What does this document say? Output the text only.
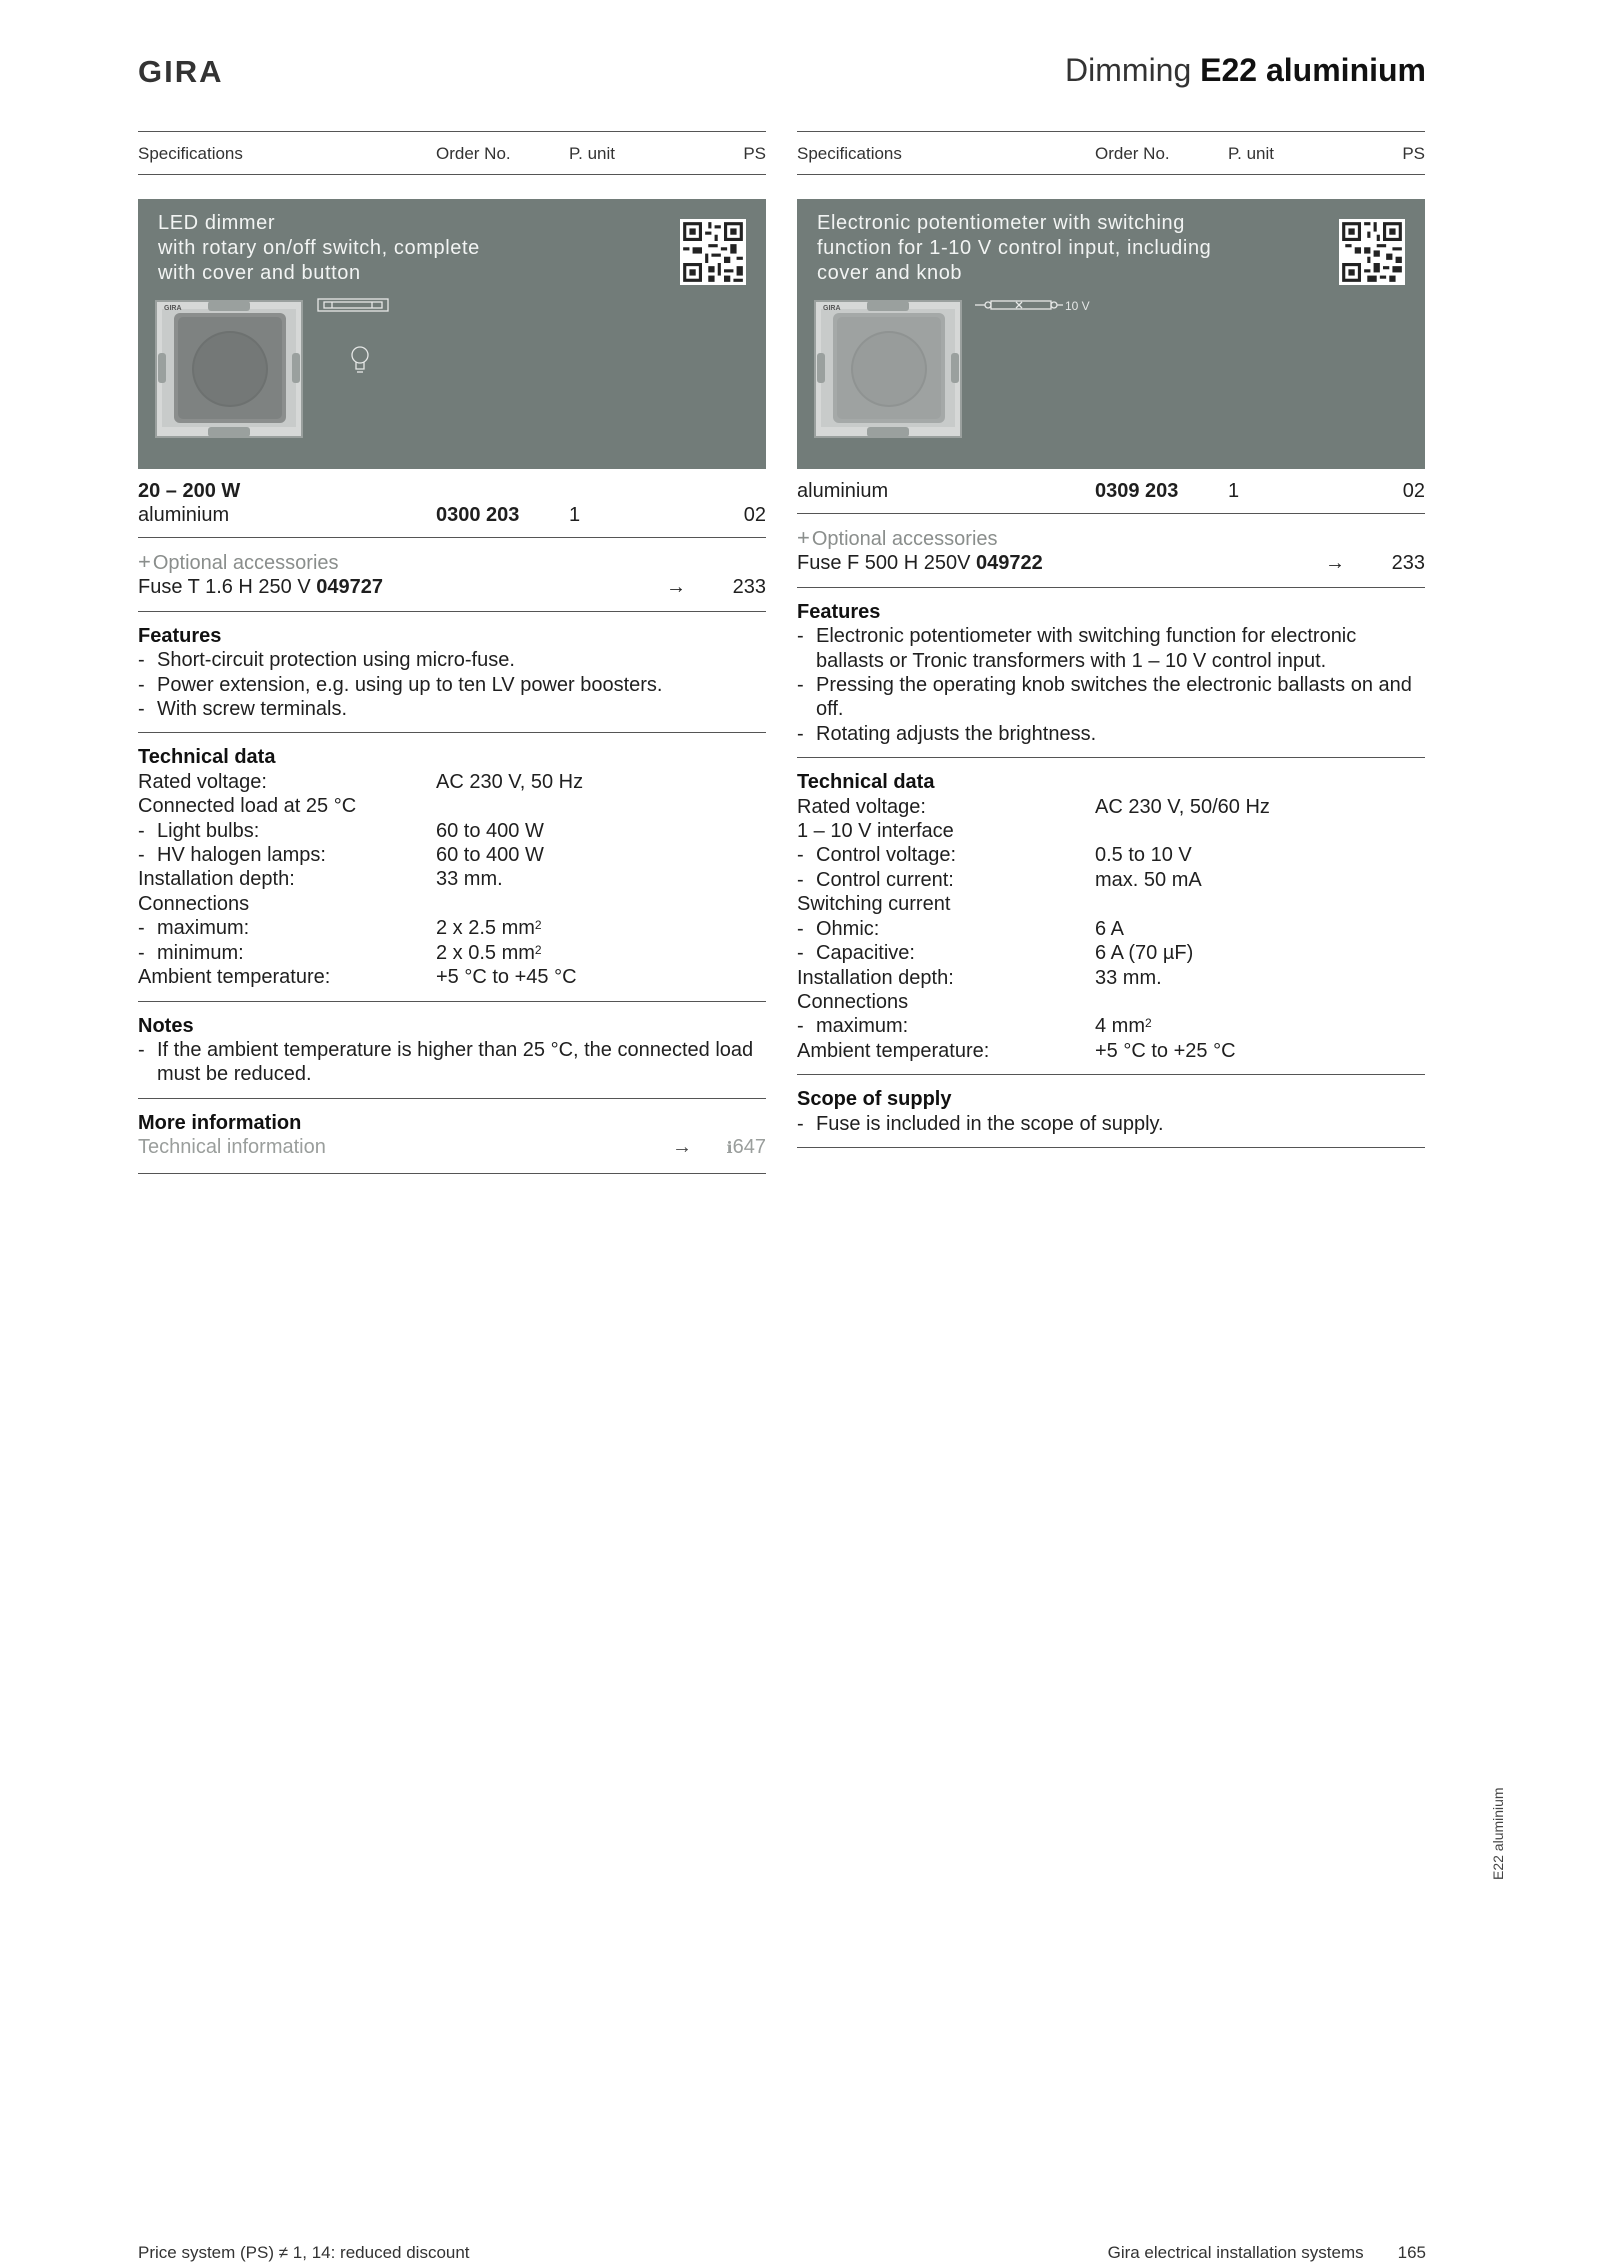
GIRA	Dimming E22 aluminium
Specifications	Order No.	P. unit	PS
LED dimmer
with rotary on/off switch, complete
with cover and button
GIRA
20 – 200 W
aluminium	0300 203	1	02
+ Optional accessories
Fuse T 1.6 H 250 V 049727	→	233
Features
- Short-circuit protection using micro-fuse.
- Power extension, e.g. using up to ten LV power boosters.
- With screw terminals.
Technical data
Rated voltage:	AC 230 V, 50 Hz
Connected load at 25 °C
- Light bulbs:	60 to 400 W
- HV halogen lamps:	60 to 400 W
Installation depth:	33 mm.
Connections
- maximum:	2 x 2.5 $mm^2$
- minimum:	2 x 0.5 $mm^2$
Ambient temperature:	+5 °C to +45 °C
Notes
- If the ambient temperature is higher than 25 °C, the connected load must be reduced.
More information
Technical information	→	ℹ647
Specifications	Order No.	P. unit	PS
Electronic potentiometer with switching
function for 1-10 V control input, including
cover and knob
GIRA	10 V
aluminium	0309 203	1	02
+ Optional accessories
Fuse F 500 H 250V 049722	→	233
Features
- Electronic potentiometer with switching function for electronic ballasts or Tronic transformers with 1 – 10 V control input.
- Pressing the operating knob switches the electronic ballasts on and off.
- Rotating adjusts the brightness.
Technical data
Rated voltage:	AC 230 V, 50/60 Hz
1 – 10 V interface
- Control voltage:	0.5 to 10 V
- Control current:	max. 50 mA
Switching current
- Ohmic:	6 A
- Capacitive:	6 A (70 µF)
Installation depth:	33 mm.
Connections
- maximum:	4 $mm^2$
Ambient temperature:	+5 °C to +25 °C
Scope of supply
- Fuse is included in the scope of supply.
E22 aluminium
Price system (PS) ≠ 1, 14: reduced discount	Gira electrical installation systems 165
